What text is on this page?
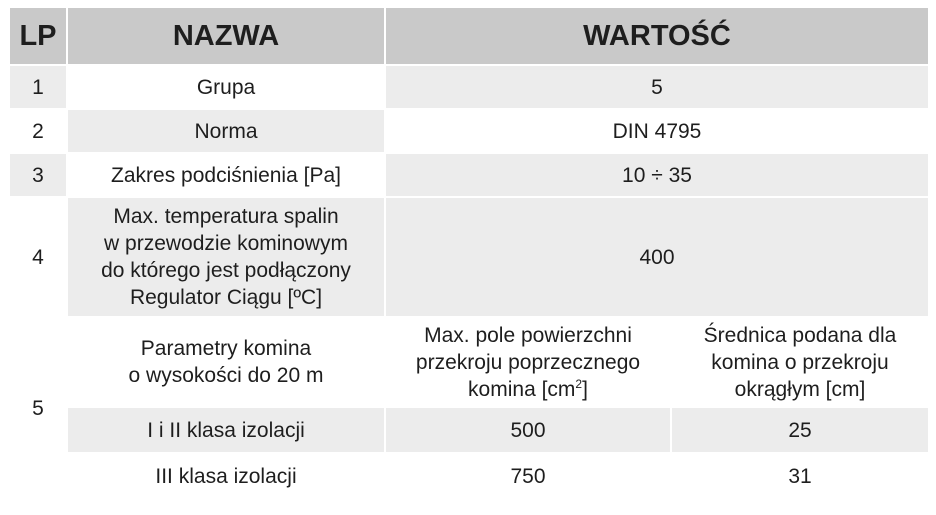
LP	NAZWA	WARTOŚĆ	
1	Grupa	5	
2	Norma	DIN 4795	
3	Zakres podciśnienia [Pa]	10 ÷ 35	
4	Max. temperatura spalin
w przewodzie kominowym
do którego jest podłączony
Regulator Ciągu [ºC]	400	
5	Parametry komina
o wysokości do 20 m	Max. pole powierzchni
przekroju poprzecznego
komina $[cm^2]$	Średnica podana dla
komina o przekroju
okrągłym [cm]
	I i II klasa izolacji	500	25
	III klasa izolacji	750	31
